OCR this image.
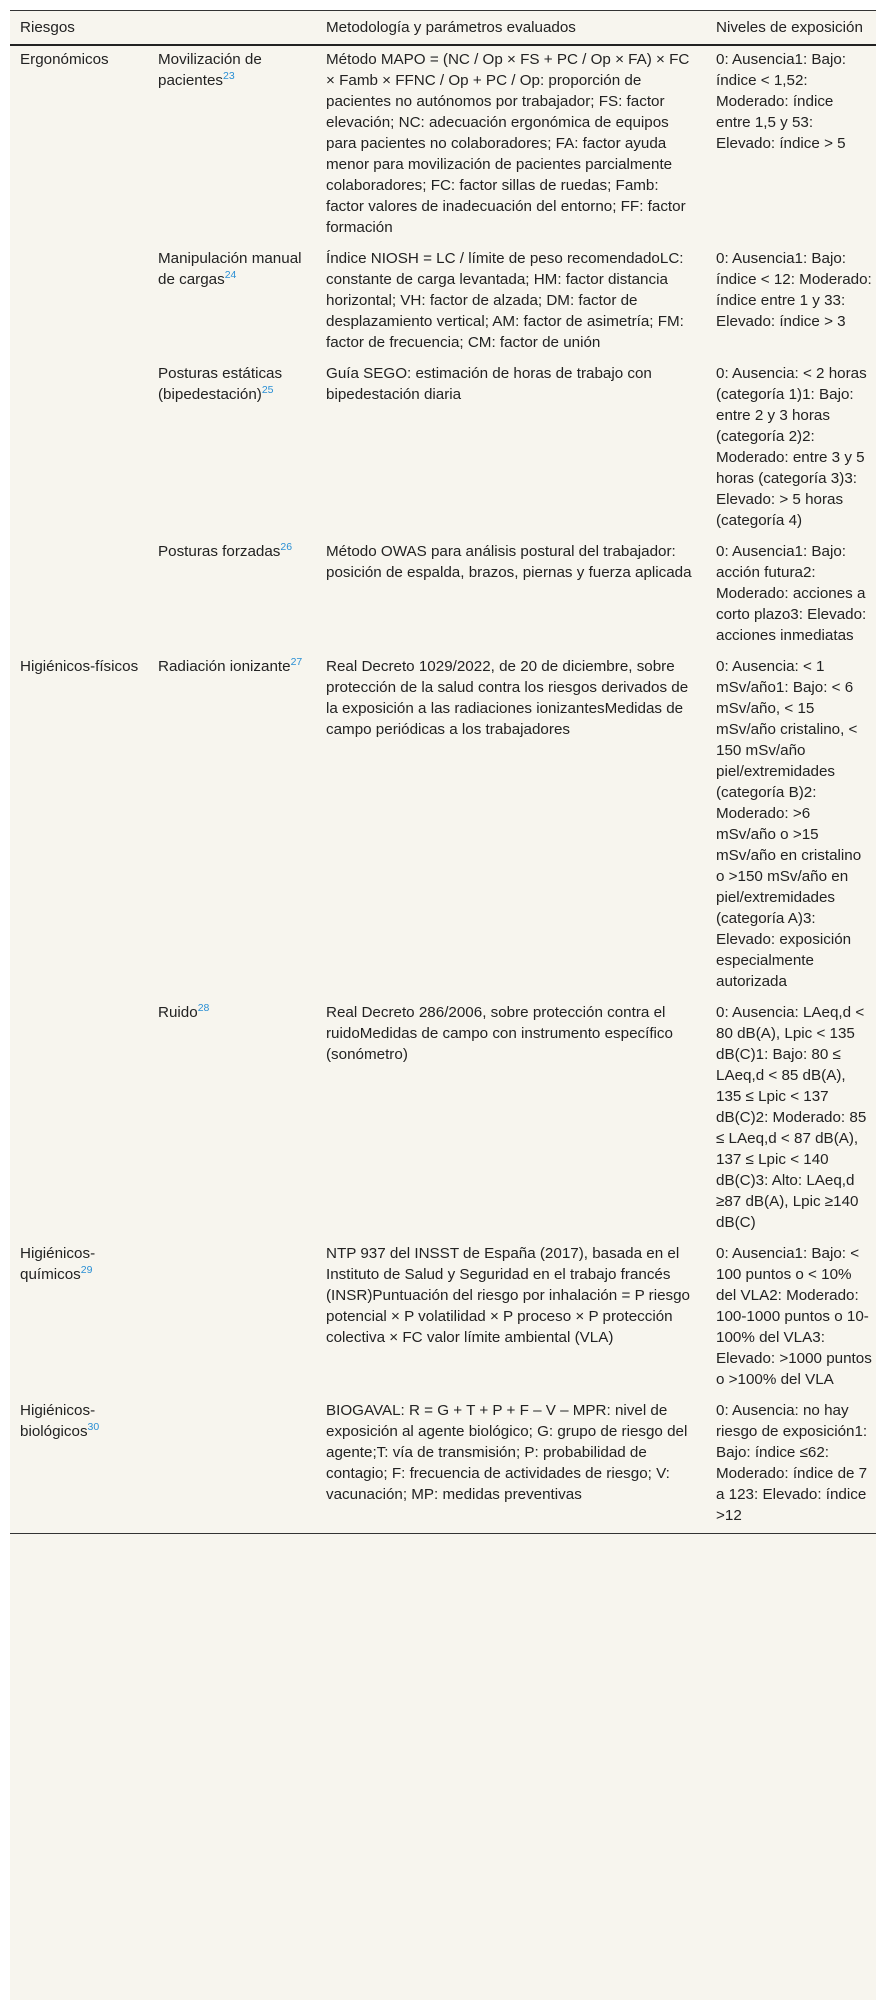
Riesgos		Metodología y parámetros evaluados	Niveles de exposición
Ergonómicos	Movilización de pacientes$^{23}$	Método MAPO = (NC / Op × FS + PC / Op × FA) × FC × Famb × FFNC / Op + PC / Op: proporción de pacientes no autónomos por trabajador; FS: factor elevación; NC: adecuación ergonómica de equipos para pacientes no colaboradores; FA: factor ayuda menor para movilización de pacientes parcialmente colaboradores; FC: factor sillas de ruedas; Famb: factor valores de inadecuación del entorno; FF: factor formación	0: Ausencia1: Bajo: índice < 1,52: Moderado: índice entre 1,5 y 53: Elevado: índice > 5
	Manipulación manual de cargas$^{24}$	Índice NIOSH = LC / límite de peso recomendadoLC: constante de carga levantada; HM: factor distancia horizontal; VH: factor de alzada; DM: factor de desplazamiento vertical; AM: factor de asimetría; FM: factor de frecuencia; CM: factor de unión	0: Ausencia1: Bajo: índice < 12: Moderado: índice entre 1 y 33: Elevado: índice > 3
	Posturas estáticas (bipedestación)$^{25}$	Guía SEGO: estimación de horas de trabajo con bipedestación diaria	0: Ausencia: < 2 horas (categoría 1)1: Bajo: entre 2 y 3 horas (categoría 2)2: Moderado: entre 3 y 5 horas (categoría 3)3: Elevado: > 5 horas (categoría 4)
	Posturas forzadas$^{26}$	Método OWAS para análisis postural del trabajador: posición de espalda, brazos, piernas y fuerza aplicada	0: Ausencia1: Bajo: acción futura2: Moderado: acciones a corto plazo3: Elevado: acciones inmediatas
Higiénicos-físicos	Radiación ionizante$^{27}$	Real Decreto 1029/2022, de 20 de diciembre, sobre protección de la salud contra los riesgos derivados de la exposición a las radiaciones ionizantesMedidas de campo periódicas a los trabajadores	0: Ausencia: < 1 mSv/año1: Bajo: < 6 mSv/año, < 15 mSv/año cristalino, < 150 mSv/año piel/extremidades (categoría B)2: Moderado: >6 mSv/año o >15 mSv/año en cristalino o >150 mSv/año en piel/extremidades (categoría A)3: Elevado: exposición especialmente autorizada
	Ruido$^{28}$	Real Decreto 286/2006, sobre protección contra el ruidoMedidas de campo con instrumento específico (sonómetro)	0: Ausencia: LAeq,d < 80 dB(A), Lpic < 135 dB(C)1: Bajo: 80 ≤ LAeq,d < 85 dB(A), 135 ≤ Lpic < 137 dB(C)2: Moderado: 85 ≤ LAeq,d < 87 dB(A), 137 ≤ Lpic < 140 dB(C)3: Alto: LAeq,d ≥87 dB(A), Lpic ≥140 dB(C)
Higiénicos-químicos$^{29}$		NTP 937 del INSST de España (2017), basada en el Instituto de Salud y Seguridad en el trabajo francés (INSR)Puntuación del riesgo por inhalación = P riesgo potencial × P volatilidad × P proceso × P protección colectiva × FC valor límite ambiental (VLA)	0: Ausencia1: Bajo: < 100 puntos o < 10% del VLA2: Moderado: 100-1000 puntos o 10-100% del VLA3: Elevado: >1000 puntos o >100% del VLA
Higiénicos-biológicos$^{30}$		BIOGAVAL: R = G + T + P + F – V – MPR: nivel de exposición al agente biológico; G: grupo de riesgo del agente;T: vía de transmisión; P: probabilidad de contagio; F: frecuencia de actividades de riesgo; V: vacunación; MP: medidas preventivas	0: Ausencia: no hay riesgo de exposición1: Bajo: índice ≤62: Moderado: índice de 7 a 123: Elevado: índice >12
